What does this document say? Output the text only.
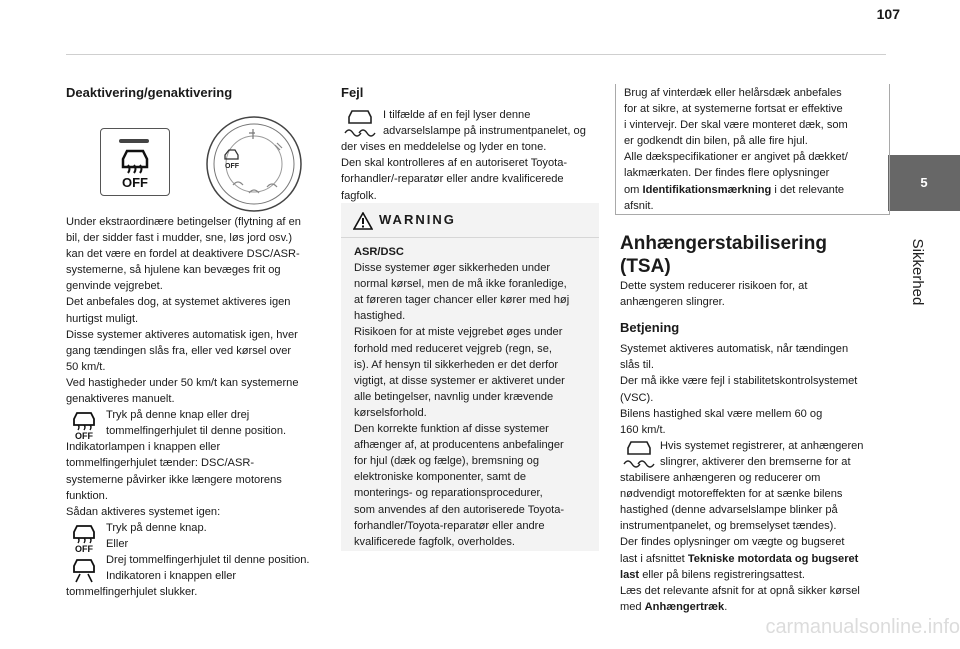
107
5
Sikkerhed
Deaktivering/genaktivering
OFF
OFF

Under ekstraordinære betingelser (flytning af en

bil, der sidder fast i mudder, sne, løs jord osv.)

kan det være en fordel at deaktivere DSC/ASR-

systemerne, så hjulene kan bevæges frit og

genvinde vejgrebet.

Det anbefales dog, at systemet aktiveres igen

hurtigst muligt.

Disse systemer aktiveres automatisk igen, hver

gang tændingen slås fra, eller ved kørsel over

50 km/t.

Ved hastigheder under 50 km/t kan systemerne

genaktiveres manuelt.

OFF

Tryk på denne knap eller drej

tommelfingerhjulet til denne position.

Indikatorlampen i knappen eller

tommelfingerhjulet tænder: DSC/ASR-

systemerne påvirker ikke længere motorens

funktion.

Sådan aktiveres systemet igen:

OFF

Tryk på denne knap.

Eller

Drej tommelfingerhjulet til denne position.

Indikatoren i knappen eller

tommelfingerhjulet slukker.

Fejl

I tilfælde af en fejl lyser denne

advarselslampe på instrumentpanelet, og

der vises en meddelelse og lyder en tone.

Den skal kontrolleres af en autoriseret Toyota-

forhandler/-reparatør eller andre kvalificerede

fagfolk.

WARNING

ASR/DSC

Disse systemer øger sikkerheden under

normal kørsel, men de må ikke foranledige,

at føreren tager chancer eller kører med høj

hastighed.

Risikoen for at miste vejgrebet øges under

forhold med reduceret vejgreb (regn, se,

is). Af hensyn til sikkerheden er det derfor

vigtigt, at disse systemer er aktiveret under

alle betingelser, navnlig under krævende

kørselsforhold.

Den korrekte funktion af disse systemer

afhænger af, at producentens anbefalinger

for hjul (dæk og fælge), bremsning og

elektroniske komponenter, samt de

monterings- og reparationsprocedurer,

som anvendes af den autoriserede Toyota-

forhandler/Toyota-reparatør eller andre

kvalificerede fagfolk, overholdes.

Brug af vinterdæk eller helårsdæk anbefales

for at sikre, at systemerne fortsat er effektive

i vintervejr. Der skal være monteret dæk, som

er godkendt din bilen, på alle fire hjul.

Alle dækspecifikationer er angivet på dækket/

lakmærkaten. Der findes flere oplysninger

om Identifikationsmærkning i det relevante

afsnit.

Anhængerstabilisering
(TSA)

Dette system reducerer risikoen for, at

anhængeren slingrer.

Betjening

Systemet aktiveres automatisk, når tændingen

slås til.

Der må ikke være fejl i stabilitetskontrolsystemet

(VSC).

Bilens hastighed skal være mellem 60 og

160 km/t.

Hvis systemet registrerer, at anhængeren

slingrer, aktiverer den bremserne for at

stabilisere anhængeren og reducerer om

nødvendigt motoreffekten for at sænke bilens

hastighed (denne advarselslampe blinker på

instrumentpanelet, og bremselyset tændes).

Der findes oplysninger om vægte og bugseret

last i afsnittet Tekniske motordata og bugseret

last eller på bilens registreringsattest.

Læs det relevante afsnit for at opnå sikker kørsel

med Anhængertræk.

carmanualsonline.info
